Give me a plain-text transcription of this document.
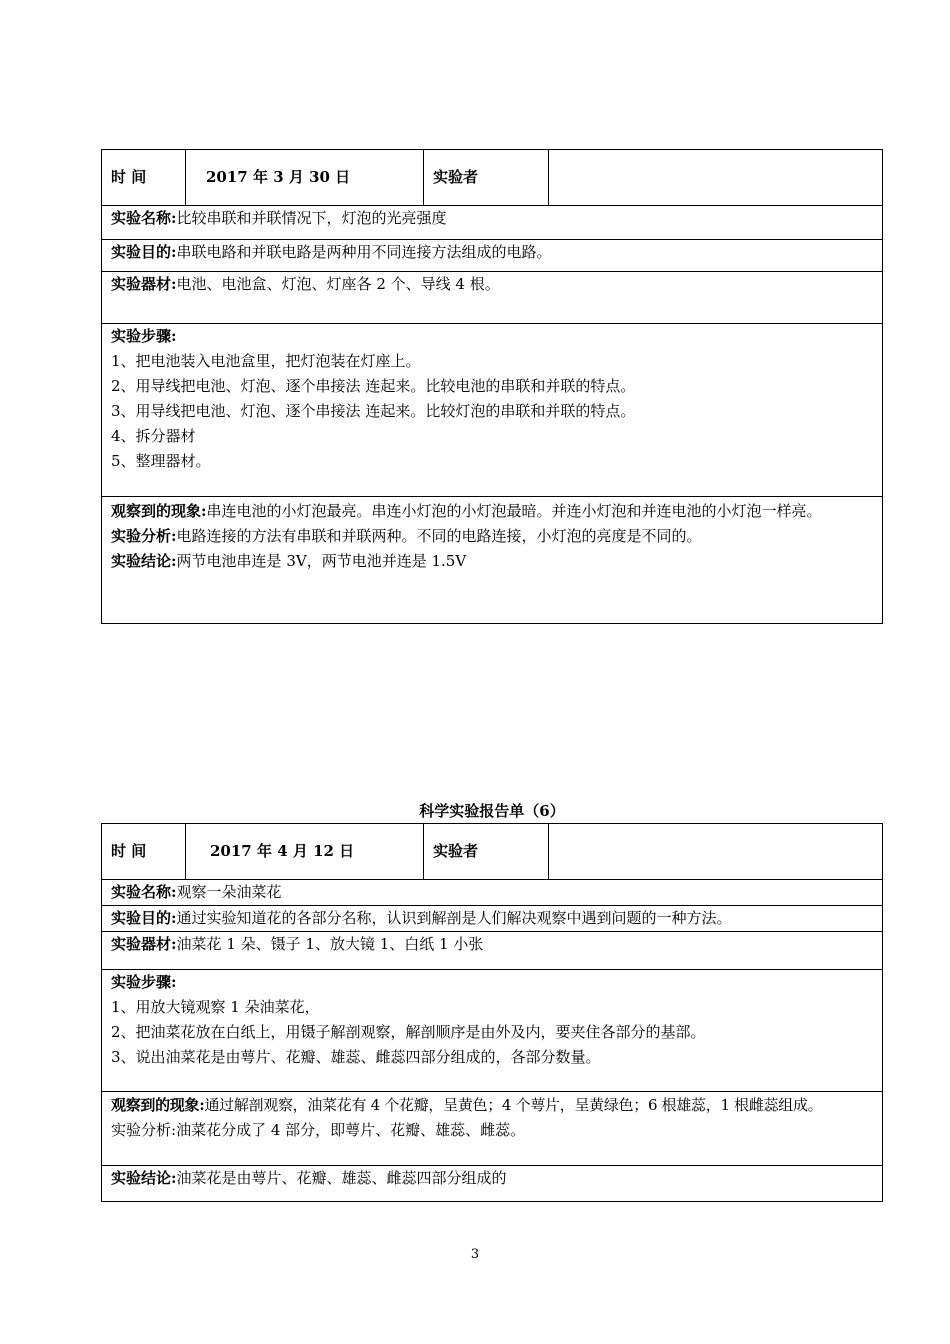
时 间	2017 年 3 月 30 日	实验者	
实验名称:比较串联和并联情况下，灯泡的光亮强度
实验目的:串联电路和并联电路是两种用不同连接方法组成的电路。
实验器材:电池、电池盒、灯泡、灯座各 2 个、导线 4 根。

实验步骤:
1、把电池装入电池盒里，把灯泡装在灯座上。
2、用导线把电池、灯泡、逐个串接法 连起来。比较电池的串联和并联的特点。
3、用导线把电池、灯泡、逐个串接法 连起来。比较灯泡的串联和并联的特点。
4、拆分器材
5、整理器材。

观察到的现象:串连电池的小灯泡最亮。串连小灯泡的小灯泡最暗。并连小灯泡和并连电池的小灯泡一样亮。
实验分析:电路连接的方法有串联和并联两种。不同的电路连接，小灯泡的亮度是不同的。
实验结论:两节电池串连是 3V，两节电池并连是 1.5V
科学实验报告单（6）
时 间	2017 年 4 月 12 日	实验者	
实验名称:观察一朵油菜花
实验目的:通过实验知道花的各部分名称，认识到解剖是人们解决观察中遇到问题的一种方法。
实验器材:油菜花 1 朵、镊子 1、放大镜 1、白纸 1 小张

实验步骤:
1、用放大镜观察 1 朵油菜花，
2、把油菜花放在白纸上，用镊子解剖观察，解剖顺序是由外及内，要夹住各部分的基部。
3、说出油菜花是由萼片、花瓣、雄蕊、雌蕊四部分组成的，各部分数量。

观察到的现象:通过解剖观察，油菜花有 4 个花瓣，呈黄色；4 个萼片，呈黄绿色；6 根雄蕊，1 根雌蕊组成。
实验分析:油菜花分成了 4 部分，即萼片、花瓣、雄蕊、雌蕊。

实验结论:油菜花是由萼片、花瓣、雄蕊、雌蕊四部分组成的
3
